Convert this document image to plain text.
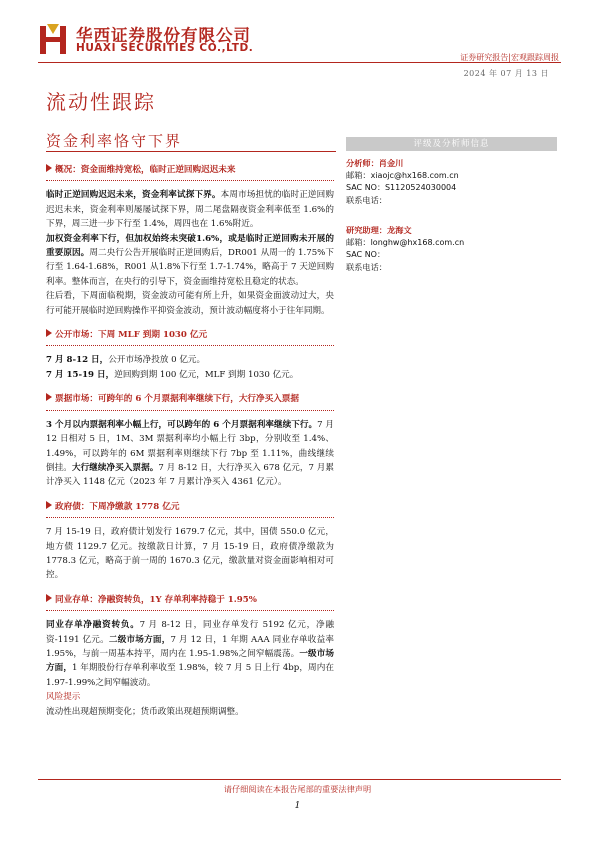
华西证券股份有限公司
HUAXI SECURITIES CO.,LTD.
证券研究报告|宏观跟踪周报
2024 年 07 月 13 日
流动性跟踪
资金利率恪守下界
概况：资金面维持宽松，临时正逆回购迟迟未来

临时正逆回购迟迟未来，资金利率试探下界。本周市场担忧的临时正逆回购迟迟未来，资金利率则屡屡试探下界，周二尾盘隔夜资金利率低至 1.6%的下界，周三进一步下行至 1.4%，周四也在 1.6%附近。

加权资金利率下行，但加权始终未突破1.6%，或是临时正逆回购未开展的重要原因。周二央行公告开展临时正逆回购后，DR001 从周一的 1.75%下行至 1.64-1.68%，R001 从1.8%下行至 1.7-1.74%，略高于 7 天逆回购利率。整体而言，在央行的引导下，资金面维持宽松且稳定的状态。

往后看，下周面临税期，资金波动可能有所上升，如果资金面波动过大，央行可能开展临时逆回购操作平抑资金波动，预计波动幅度将小于往年同期。

公开市场：下周 MLF 到期 1030 亿元

7 月 8-12 日，公开市场净投放 0 亿元。

7 月 15-19 日，逆回购到期 100 亿元，MLF 到期 1030 亿元。

票据市场：可跨年的 6 个月票据利率继续下行，大行净买入票据

3 个月以内票据利率小幅上行，可以跨年的 6 个月票据利率继续下行。7 月 12 日相对 5 日，1M、3M 票据利率均小幅上行 3bp，分别收至 1.4%、1.49%，可以跨年的 6M 票据利率则继续下行 7bp 至 1.11%，曲线继续倒挂。大行继续净买入票据。7 月 8-12 日，大行净买入 678 亿元，7 月累计净买入 1148 亿元（2023 年 7 月累计净买入 4361 亿元）。

政府债：下周净缴款 1778 亿元

7 月 15-19 日，政府债计划发行 1679.7 亿元，其中，国债 550.0 亿元，地方债 1129.7 亿元。按缴款日计算，7 月 15-19 日，政府债净缴款为 1778.3 亿元，略高于前一周的 1670.3 亿元，缴款量对资金面影响相对可控。

同业存单：净融资转负，1Y 存单利率持稳于 1.95%

同业存单净融资转负。7 月 8-12 日，同业存单发行 5192 亿元，净融资-1191 亿元。二级市场方面，7 月 12 日，1 年期 AAA 同业存单收益率 1.95%，与前一周基本持平，周内在 1.95-1.98%之间窄幅震荡。一级市场方面，1 年期股份行存单利率收至 1.98%，较 7 月 5 日上行 4bp，周内在 1.97-1.99%之间窄幅波动。

风险提示

流动性出现超预期变化；货币政策出现超预期调整。

评级及分析师信息

分析师：肖金川

邮箱：xiaojc@hx168.com.cn

SAC NO：S1120524030004

联系电话：

研究助理：龙海文

邮箱：longhw@hx168.com.cn

SAC NO：

联系电话：

请仔细阅读在本报告尾部的重要法律声明
1
